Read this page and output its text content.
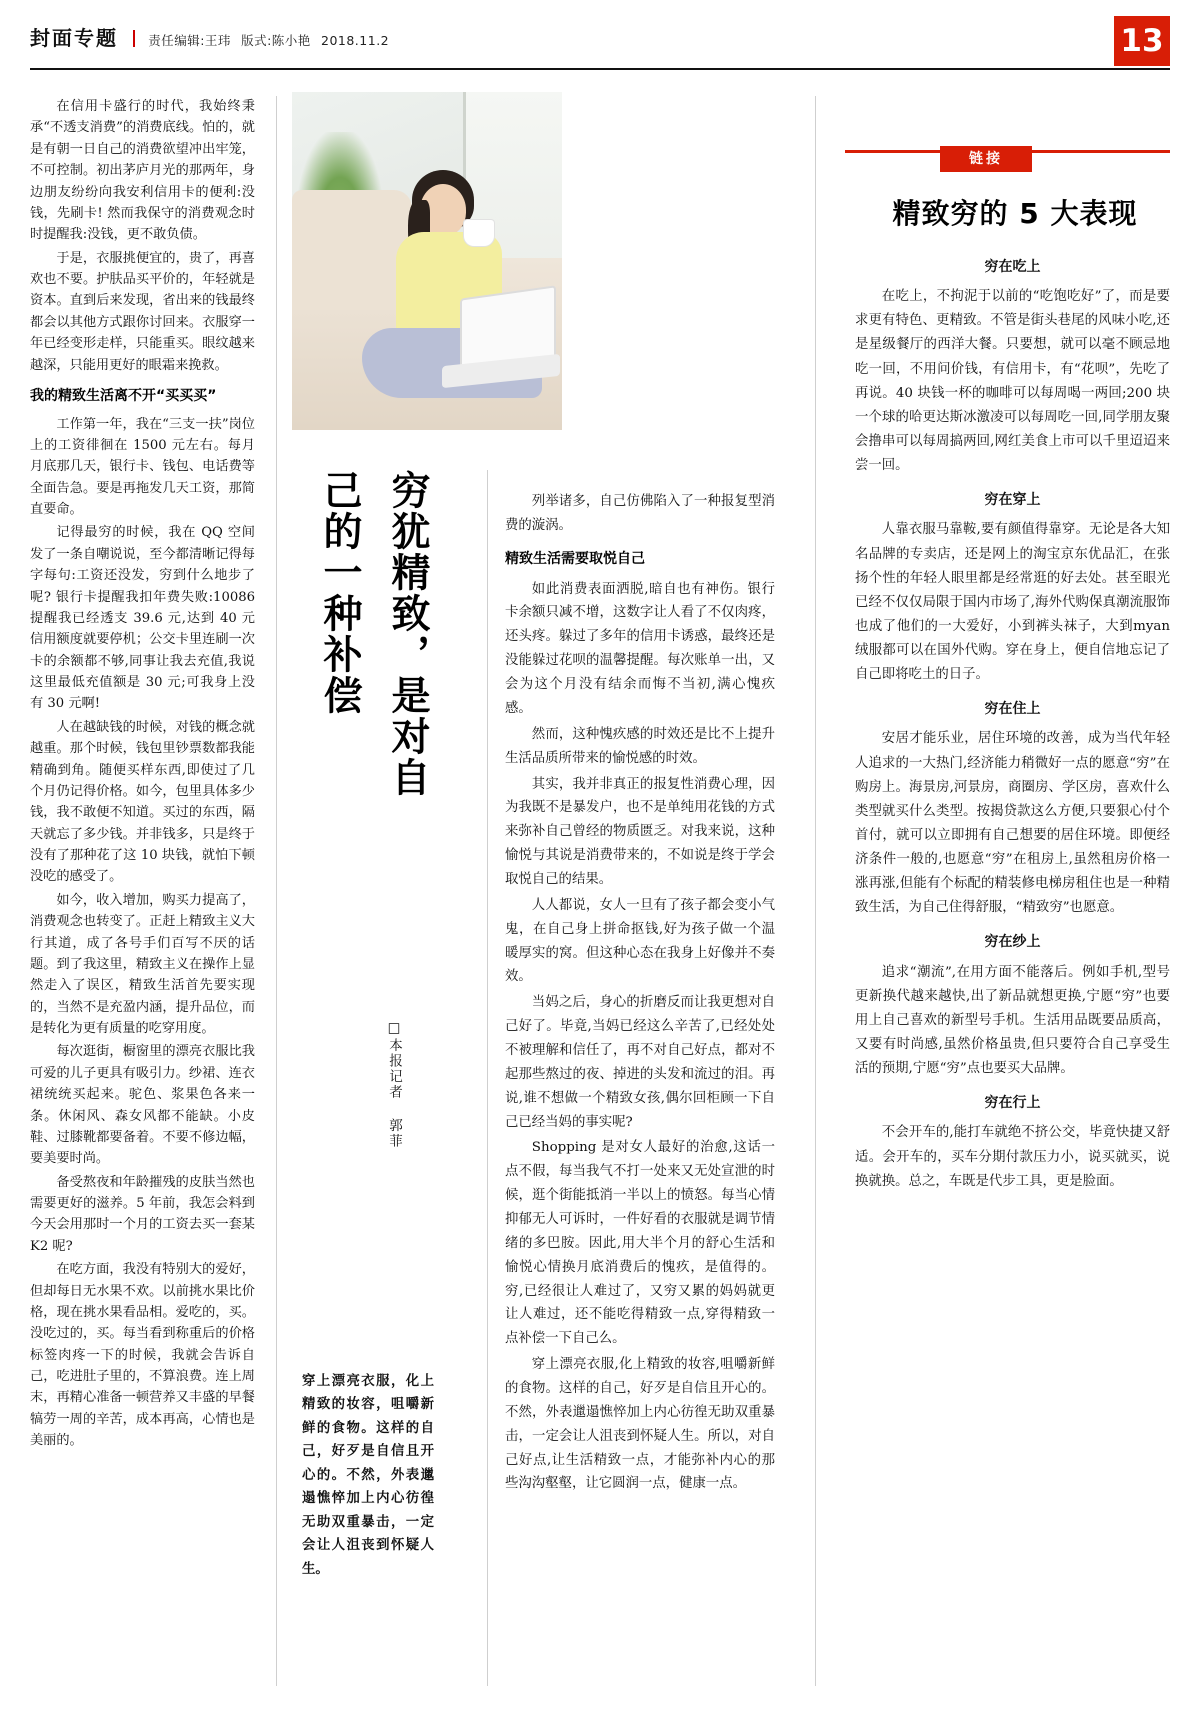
封面专题 责任编辑:王玮 版式:陈小艳 2018.11.2	13

在信用卡盛行的时代，我始终秉承“不透支消费”的消费底线。怕的，就是有朝一日自己的消费欲望冲出牢笼，不可控制。初出茅庐月光的那两年，身边朋友纷纷向我安利信用卡的便利:没钱，先刷卡! 然而我保守的消费观念时时提醒我:没钱，更不敢负债。

于是，衣服挑便宜的，贵了，再喜欢也不要。护肤品买平价的，年轻就是资本。直到后来发现，省出来的钱最终都会以其他方式跟你讨回来。衣服穿一年已经变形走样，只能重买。眼纹越来越深，只能用更好的眼霜来挽救。

我的精致生活离不开“买买买”

工作第一年，我在“三支一扶”岗位上的工资徘徊在 1500 元左右。每月月底那几天，银行卡、钱包、电话费等全面告急。要是再拖发几天工资，那简直要命。

记得最穷的时候，我在 QQ 空间发了一条自嘲说说，至今都清晰记得每字每句:工资还没发，穷到什么地步了呢? 银行卡提醒我扣年费失败:10086 提醒我已经透支 39.6 元,达到 40 元信用额度就要停机；公交卡里连刷一次卡的余额都不够,同事让我去充值,我说这里最低充值额是 30 元;可我身上没有 30 元啊!

人在越缺钱的时候，对钱的概念就越重。那个时候，钱包里钞票数都我能精确到角。随便买样东西,即使过了几个月仍记得价格。如今，包里具体多少钱，我不敢便不知道。买过的东西，隔天就忘了多少钱。并非钱多，只是终于没有了那种花了这 10 块钱，就怕下顿没吃的感受了。

如今，收入增加，购买力提高了，消费观念也转变了。正赶上精致主义大行其道，成了各号手们百写不厌的话题。到了我这里，精致主义在操作上显然走入了误区，精致生活首先要实现的，当然不是充盈内涵，提升品位，而是转化为更有质量的吃穿用度。

每次逛街，橱窗里的漂亮衣服比我可爱的儿子更具有吸引力。纱裙、连衣裙统统买起来。驼色、浆果色各来一条。休闲风、森女风都不能缺。小皮鞋、过膝靴都要备着。不要不修边幅，要美要时尚。

备受熬夜和年龄摧残的皮肤当然也需要更好的滋养。5 年前，我怎会料到今天会用那时一个月的工资去买一套某 K2 呢?

在吃方面，我没有特别大的爱好，但却每日无水果不欢。以前挑水果比价格，现在挑水果看品相。爱吃的，买。没吃过的，买。每当看到称重后的价格标签肉疼一下的时候，我就会告诉自己，吃进肚子里的，不算浪费。连上周末，再精心准备一顿营养又丰盛的早餐犒劳一周的辛苦，成本再高，心情也是美丽的。

穷犹精致，是对自
己的一种补偿
□本报记者 郭菲
穿上漂亮衣服，化上精致的妆容，咀嚼新鲜的食物。这样的自己，好歹是自信且开心的。不然，外表邋遢憔悴加上内心彷徨无助双重暴击，一定会让人沮丧到怀疑人生。

列举诸多，自己仿佛陷入了一种报复型消费的漩涡。

精致生活需要取悦自己

如此消费表面洒脱,暗自也有神伤。银行卡余额只减不增，这数字让人看了不仅肉疼，还头疼。躲过了多年的信用卡诱惑，最终还是没能躲过花呗的温馨提醒。每次账单一出，又会为这个月没有结余而悔不当初,满心愧疚感。

然而，这种愧疚感的时效还是比不上提升生活品质所带来的愉悦感的时效。

其实，我并非真正的报复性消费心理，因为我既不是暴发户，也不是单纯用花钱的方式来弥补自己曾经的物质匮乏。对我来说，这种愉悦与其说是消费带来的，不如说是终于学会取悦自己的结果。

人人都说，女人一旦有了孩子都会变小气鬼，在自己身上拼命抠钱,好为孩子做一个温暖厚实的窝。但这种心态在我身上好像并不奏效。

当妈之后，身心的折磨反而让我更想对自己好了。毕竟,当妈已经这么辛苦了,已经处处不被理解和信任了，再不对自己好点，都对不起那些熬过的夜、掉进的头发和流过的泪。再说,谁不想做一个精致女孩,偶尔回柜顾一下自己已经当妈的事实呢?

Shopping 是对女人最好的治愈,这话一点不假，每当我气不打一处来又无处宣泄的时候，逛个街能抵消一半以上的愤怒。每当心情抑郁无人可诉时，一件好看的衣服就是调节情绪的多巴胺。因此,用大半个月的舒心生活和愉悦心情换月底消费后的愧疚，是值得的。穷,已经很让人难过了，又穷又累的妈妈就更让人难过，还不能吃得精致一点,穿得精致一点补偿一下自己么。

穿上漂亮衣服,化上精致的妆容,咀嚼新鲜的食物。这样的自己，好歹是自信且开心的。不然，外表邋遢憔悴加上内心彷徨无助双重暴击，一定会让人沮丧到怀疑人生。所以，对自己好点,让生活精致一点，才能弥补内心的那些沟沟壑壑，让它圆润一点，健康一点。

链接
精致穷的 5 大表现

穷在吃上

在吃上，不拘泥于以前的“吃饱吃好”了，而是要求更有特色、更精致。不管是街头巷尾的风味小吃,还是星级餐厅的西洋大餐。只要想，就可以毫不顾忌地吃一回，不用问价钱，有信用卡，有“花呗”，先吃了再说。40 块钱一杯的咖啡可以每周喝一两回;200 块一个球的哈更达斯冰激凌可以每周吃一回,同学朋友聚会撸串可以每周搞两回,网红美食上市可以千里迢迢来尝一回。

穷在穿上

人靠衣服马靠鞍,要有颜值得靠穿。无论是各大知名品牌的专卖店，还是网上的淘宝京东优品汇，在张扬个性的年轻人眼里都是经常逛的好去处。甚至眼光已经不仅仅局限于国内市场了,海外代购保真潮流服饰也成了他们的一大爱好，小到裤头袜子，大到myan绒服都可以在国外代购。穿在身上，便自信地忘记了自己即将吃土的日子。

穷在住上

安居才能乐业，居住环境的改善，成为当代年轻人追求的一大热门,经济能力稍微好一点的愿意“穷”在购房上。海景房,河景房，商圈房、学区房，喜欢什么类型就买什么类型。按揭贷款这么方便,只要狠心付个首付，就可以立即拥有自己想要的居住环境。即便经济条件一般的,也愿意“穷”在租房上,虽然租房价格一涨再涨,但能有个标配的精装修电梯房租住也是一种精致生活，为自己住得舒服，“精致穷”也愿意。

穷在纱上

追求“潮流”,在用方面不能落后。例如手机,型号更新换代越来越快,出了新品就想更换,宁愿“穷”也要用上自己喜欢的新型号手机。生活用品既要品质高，又要有时尚感,虽然价格虽贵,但只要符合自己享受生活的预期,宁愿“穷”点也要买大品牌。

穷在行上

不会开车的,能打车就绝不挤公交，毕竟快捷又舒适。会开车的，买车分期付款压力小，说买就买，说换就换。总之，车既是代步工具，更是脸面。
